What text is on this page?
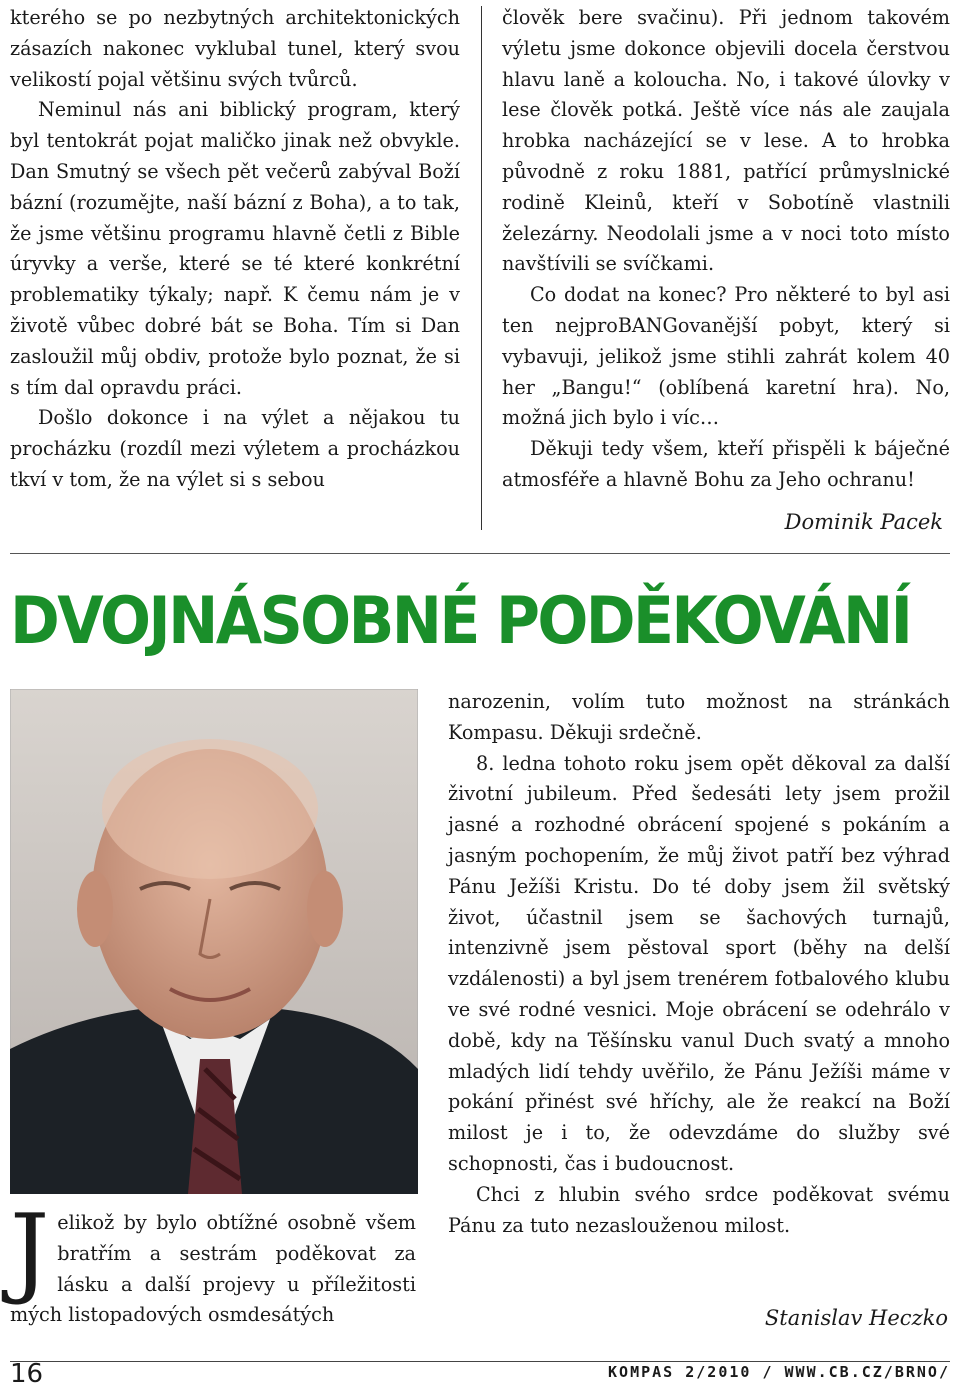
kterého se po nezbytných architektonických zásazích nakonec vyklubal tunel, který svou velikostí pojal většinu svých tvůrců.

Neminul nás ani biblický program, který byl tentokrát pojat maličko jinak než obvykle. Dan Smutný se všech pět večerů zabýval Boží bázní (rozumějte, naší bázní z Boha), a to tak, že jsme většinu programu hlavně četli z Bible úryvky a verše, které se té které konkrétní problematiky týkaly; např. K čemu nám je v životě vůbec dobré bát se Boha. Tím si Dan zasloužil můj obdiv, protože bylo poznat, že si s tím dal opravdu práci.

Došlo dokonce i na výlet a nějakou tu procházku (rozdíl mezi výletem a procházkou tkví v tom, že na výlet si s sebou

člověk bere svačinu). Při jednom takovém výletu jsme dokonce objevili docela čerstvou hlavu laně a kolouchа. No, i takové úlovky v lese člověk potká. Ještě více nás ale zaujala hrobka nacházející se v lese. A to hrobka původně z roku 1881, patřící průmyslnické rodině Kleinů, kteří v Sobotíně vlastnili železárny. Neodolali jsme a v noci toto místo navštívili se svíčkami.

Co dodat na konec? Pro některé to byl asi ten nejproBANGovanější pobyt, který si vybavuji, jelikož jsme stihli zahrát kolem 40 her „Bangu!“ (oblíbená karetní hra). No, možná jich bylo i víc…

Děkuji tedy všem, kteří přispěli k báječné atmosféře a hlavně Bohu za Jeho ochranu!

Dominik Pacek
DVOJNÁSOBNÉ PODĚKOVÁNÍ

Jelikož by bylo obtížné osobně všem bratřím a sestrám poděkovat za lásku a další projevy u příležitosti mých listopadových osmdesátých

narozenin, volím tuto možnost na stránkách Kompasu. Děkuji srdečně.

8. ledna tohoto roku jsem opět děkoval za další životní jubileum. Před šedesáti lety jsem prožil jasné a rozhodné obrácení spojené s pokáním a jasným pochopením, že můj život patří bez výhrad Pánu Ježíši Kristu. Do té doby jsem žil světský život, účastnil jsem se šachových turnajů, intenzivně jsem pěstoval sport (běhy na delší vzdálenosti) a byl jsem trenérem fotbalového klubu ve své rodné vesnici. Moje obrácení se odehrálo v době, kdy na Těšínsku vanul Duch svatý a mnoho mladých lidí tehdy uvěřilo, že Pánu Ježíši máme v pokání přinést své hříchy, ale že reakcí na Boží milost je i to, že odevzdáme do služby své schopnosti, čas i budoucnost.

Chci z hlubin svého srdce poděkovat svému Pánu za tuto nezaslouženou milost.

Stanislav Heczko
16	KOMPAS 2/2010 / WWW.CB.CZ/BRNO/
